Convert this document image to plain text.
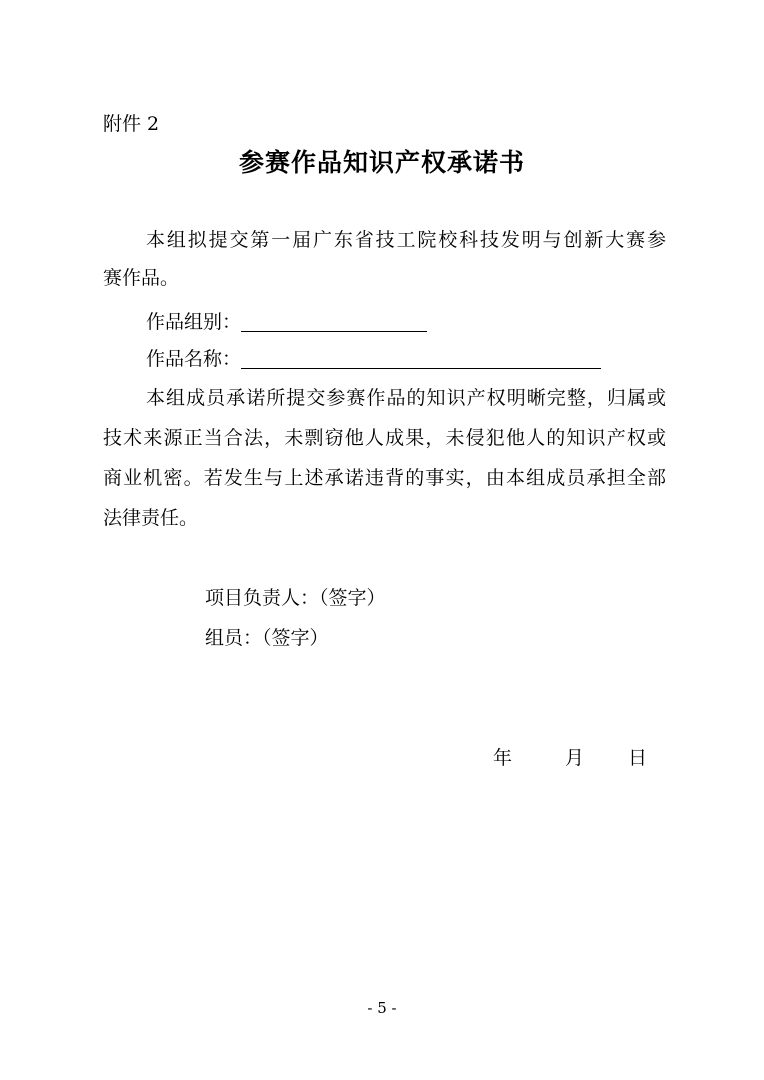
附件 2
参赛作品知识产权承诺书
本组拟提交第一届广东省技工院校科技发明与创新大赛参
赛作品。
作品组别：
作品名称：
本组成员承诺所提交参赛作品的知识产权明晰完整，归属或
技术来源正当合法，未剽窃他人成果，未侵犯他人的知识产权或
商业机密。若发生与上述承诺违背的事实，由本组成员承担全部
法律责任。
项目负责人：（签字）
组员：（签字）
年	月 日
- 5 -
